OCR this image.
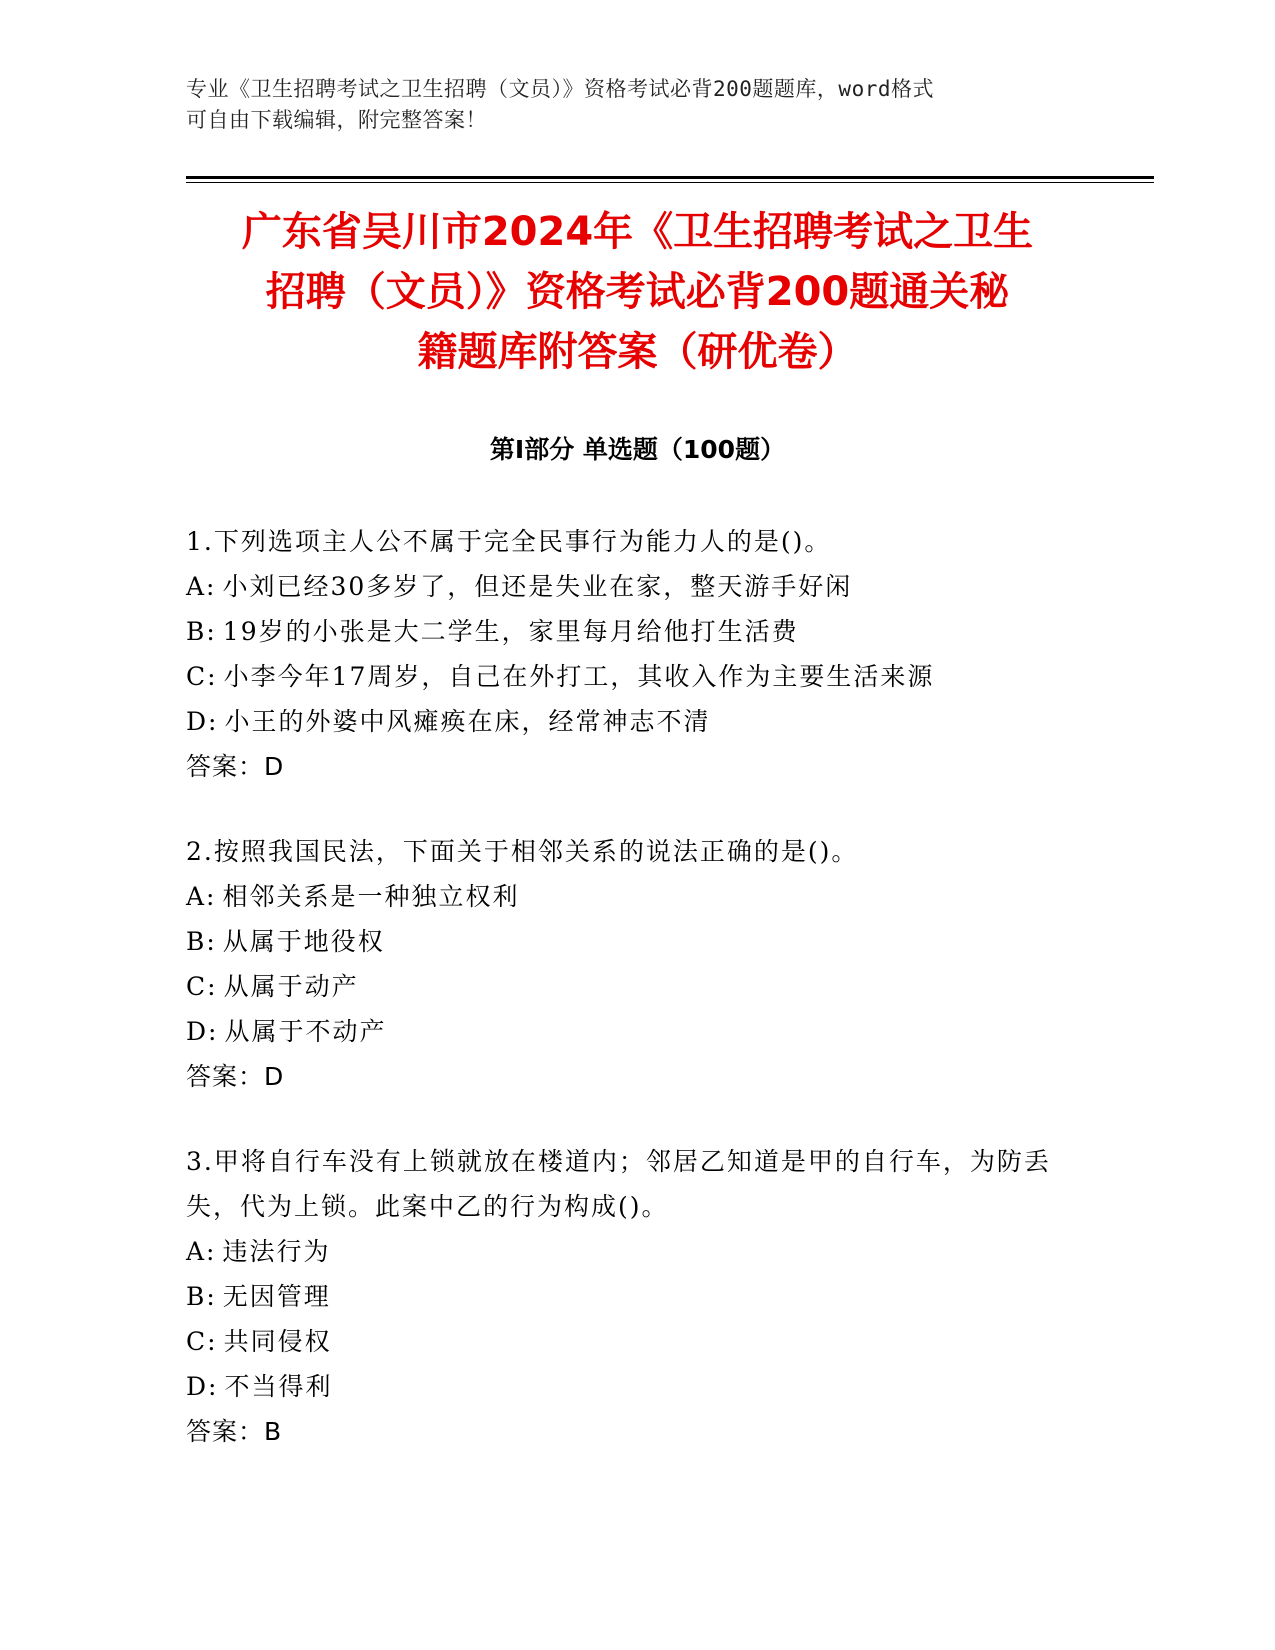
专业《卫生招聘考试之卫生招聘（文员）》资格考试必背200题题库，word格式
可自由下载编辑，附完整答案！
广东省吴川市2024年《卫生招聘考试之卫生
招聘（文员）》资格考试必背200题通关秘
籍题库附答案（研优卷）
第Ⅰ部分 单选题（100题）
1.下列选项主人公不属于完全民事行为能力人的是()。
A: 小刘已经30多岁了，但还是失业在家，整天游手好闲
B: 19岁的小张是大二学生，家里每月给他打生活费
C: 小李今年17周岁，自己在外打工，其收入作为主要生活来源
D: 小王的外婆中风瘫痪在床，经常神志不清
答案：D
2.按照我国民法，下面关于相邻关系的说法正确的是()。
A: 相邻关系是一种独立权利
B: 从属于地役权
C: 从属于动产
D: 从属于不动产
答案：D
3.甲将自行车没有上锁就放在楼道内；邻居乙知道是甲的自行车，为防丢失，代为上锁。此案中乙的行为构成()。
A: 违法行为
B: 无因管理
C: 共同侵权
D: 不当得利
答案：B
